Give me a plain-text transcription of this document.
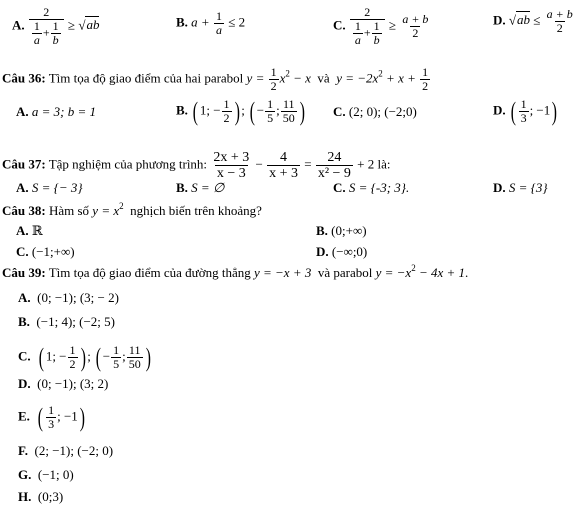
A. $\frac{2}{\frac{1}{a} + \frac{1}{b}} \ge √ab$	B. $a + \frac{1}{a} \le 2$	C. $\frac{2}{\frac{1}{a} + \frac{1}{b}} \ge \frac{a + b}{2}$	D. $√ab \le \frac{a + b}{2}$
Câu 36: Tìm tọa độ giao điểm của hai parabol $y = \frac{1}{2} x^2 - x$ và $y = -2x^2 + x + \frac{1}{2}$
A. a = 3; b = 1	B. ( 1; − $\frac{1}{2}$ ) ; ( − $\frac{1}{5}$ ; $\frac{11}{50}$ ) C. (2; 0); (−2;0)	D. ( $\frac{1}{3}$ ; −1)
Câu 37: Tập nghiệm của phương trình: $\frac{2x + 3}{x - 3} - \frac{4}{x + 3} = \frac{24}{\text{x² − 9}} + 2$ là:
A. S = {− 3}	B. S = ∅	C. S = {-3; 3}.	D. S = {3}
Câu 38: Hàm số $y = x^2$ nghịch biến trên khoảng?
A. ℝ	B. (0;+∞)
C. (−1;+∞)	D. (−∞;0)
Câu 39: Tìm tọa độ giao điểm của đường thẳng y = −x + 3 và parabol $y = -x^2 - 4x + 1$.
A. (0; −1); (3; − 2)
B. (−1; 4); (−2; 5)
C. ( 1; − $\frac{1}{2}$ ) ; ( − $\frac{1}{5}$ ; $\frac{11}{50}$ )
D. (0; −1); (3; 2)
E. ( $\frac{1}{3}$ ; −1)
F. (2; −1); (−2; 0)
G. (−1; 0)
H. (0;3)
